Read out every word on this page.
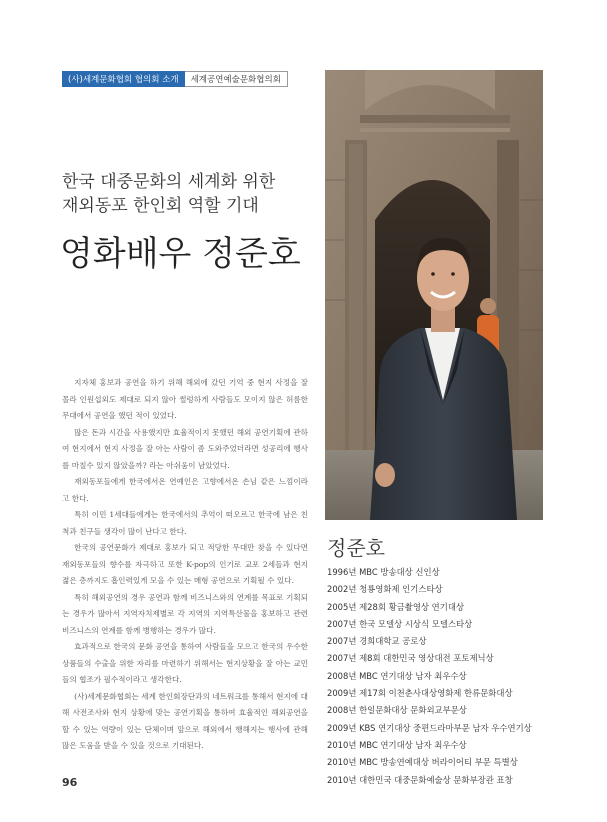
(사)세계문화협회 협의회 소개	세계공연예술문화협의회
한국 대중문화의 세계화 위한
재외동포 한인회 역할 기대
영화배우 정준호

지자체 홍보과 공연을 하기 위해 해외에 갔던 기억 중 현지 사정을 잘 몰라 인원섭외도 제대로 되지 않아 썰렁하게 사람들도 모이지 않은 허름한 무대에서 공연을 했던 적이 있었다.

많은 돈과 시간을 사용했지만 효율적이지 못했던 해외 공연기획에 관하여 현지에서 현지 사정을 잘 아는 사람이 좀 도와주었더라면 성공리에 행사를 마칠수 있지 않았을까? 라는 아쉬움이 남았었다.

재외동포들에게 한국에서온 연예인은 고향에서온 손님 같은 느낌이라고 한다.

특히 이민 1세대들에게는 한국에서의 추억이 떠오르고 한국에 남은 친척과 친구들 생각이 많이 난다고 한다.

한국의 공연문화가 제대로 홍보가 되고 적당한 무대만 찾을 수 있다면 재외동포들의 향수를 자극하고 또한 K-pop의 인기로 교포 2세들과 현지 젊은 층까지도 흡인력있게 모을 수 있는 매형 공연으로 기획될 수 있다.

특히 해외공연의 경우 공연과 함께 비즈니스와의 연계를 목표로 기획되는 경우가 많아서 지역자치제별로 각 지역의 지역특산물을 홍보하고 관련 비즈니스의 연계를 함께 병행하는 경우가 많다.

효과적으로 한국의 문화 공연을 통하여 사람들을 모으고 한국의 우수한 상품들의 수출을 위한 자리를 마련하기 위해서는 현지상황을 잘 아는 교민들의 협조가 필수적이라고 생각한다.

(사)세계문화협회는 세계 한인회장단과의 네트워크를 통해서 현지에 대해 사전조사와 현지 상황에 맞는 공연기획을 통하여 효율적인 해외공연을 할 수 있는 역량이 있는 단체이며 앞으로 해외에서 행해지는 행사에 관해 많은 도움을 받을 수 있을 것으로 기대된다.

96
정준호
1996년 MBC 방송대상 신인상
2002년 청룡영화제 인기스타상
2005년 제28회 황금촬영상 연기대상
2007년 한국 모델상 시상식 모델스타상
2007년 경희대학교 공로상
2007년 제8회 대한민국 영상대전 포토제닉상
2008년 MBC 연기대상 남자 최우수상
2009년 제17회 이천춘사대상영화제 한류문화대상
2008년 한일문화대상 문화외교부문상
2009년 KBS 연기대상 중편드라마부문 남자 우수연기상
2010년 MBC 연기대상 남자 최우수상
2010년 MBC 방송연예대상 버라이어티 부문 특별상
2010년 대한민국 대중문화예술상 문화부장관 표창
